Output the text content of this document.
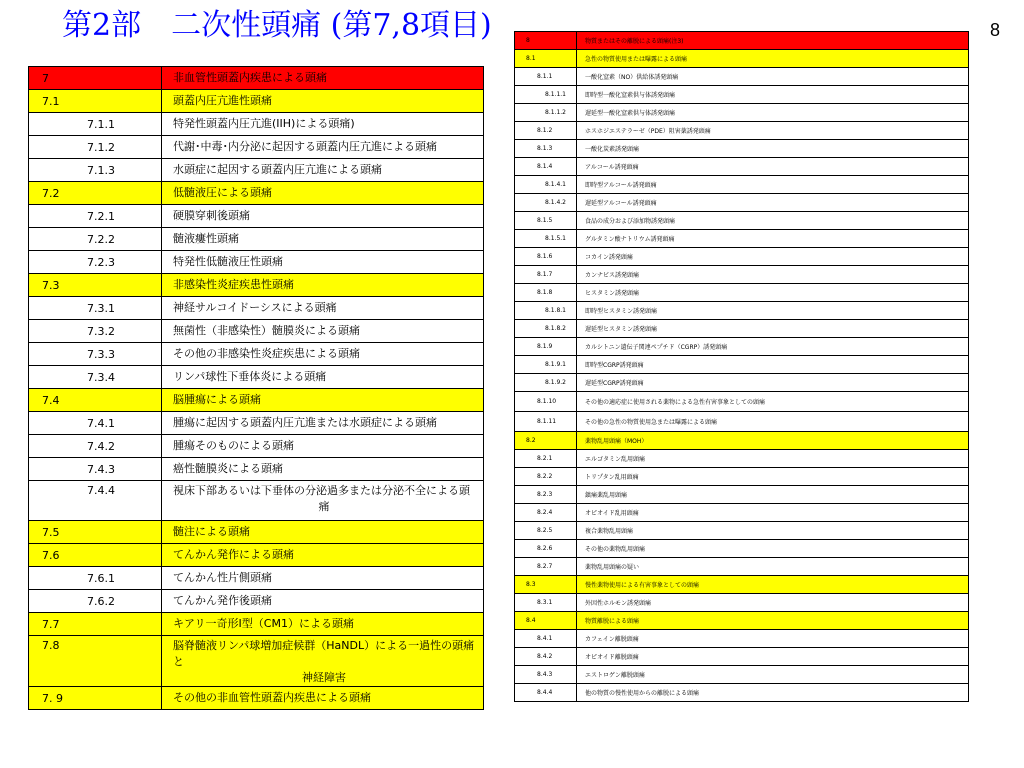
第2部　二次性頭痛 (第7,8項目)	8
7	非血管性頭蓋内疾患による頭痛
7.1	頭蓋内圧亢進性頭痛
7.1.1	特発性頭蓋内圧亢進(IIH)による頭痛)
7.1.2	代謝･中毒･内分泌に起因する頭蓋内圧亢進による頭痛
7.1.3	水頭症に起因する頭蓋内圧亢進による頭痛
7.2	低髄液圧による頭痛
7.2.1	硬膜穿刺後頭痛
7.2.2	髄液瘻性頭痛
7.2.3	特発性低髄液圧性頭痛
7.3	非感染性炎症疾患性頭痛
7.3.1	神経サルコイドーシスによる頭痛
7.3.2	無菌性（非感染性）髄膜炎による頭痛
7.3.3	その他の非感染性炎症疾患による頭痛
7.3.4	リンパ球性下垂体炎による頭痛
7.4	脳腫瘍による頭痛
7.4.1	腫瘍に起因する頭蓋内圧亢進または水頭症による頭痛
7.4.2	腫瘍そのものによる頭痛
7.4.3	癌性髄膜炎による頭痛
7.4.4	視床下部あるいは下垂体の分泌過多または分泌不全による頭
痛

7.5	髄注による頭痛
7.6	てんかん発作による頭痛
7.6.1	てんかん性片側頭痛
7.6.2	てんかん発作後頭痛
7.7	キアリ一奇形I型（CM1）による頭痛
7.8	脳脊髄液リンパ球増加症候群（HaNDL）による一過性の頭痛と
神経障害

7. 9	その他の非血管性頭蓋内疾患による頭痛
8	物質またはその離脱による頭痛(注3)
8.1	急性の物質使用または曝露による頭痛
8.1.1	一酸化窒素（NO）供給体誘発頭痛
8.1.1.1	即時型一酸化窒素供与体誘発頭痛
8.1.1.2	遅延型一酸化窒素供与体誘発頭痛
8.1.2	ホスホジエステラーゼ（PDE）阻害薬誘発頭痛
8.1.3	一酸化炭素誘発頭痛
8.1.4	アルコール誘発頭痛
8.1.4.1	即時型アルコール誘発頭痛
8.1.4.2	遅延型アルコール誘発頭痛
8.1.5	食品の成分および添加物誘発頭痛
8.1.5.1	グルタミン酸ナトリウム誘発頭痛
8.1.6	コカイン誘発頭痛
8.1.7	カンナビス誘発頭痛
8.1.8	ヒスタミン誘発頭痛
8.1.8.1	即時型ヒスタミン誘発頭痛
8.1.8.2	遅延型ヒスタミン誘発頭痛
8.1.9	カルシトニン遺伝子関連ペプチド（CGRP）誘発頭痛
8.1.9.1	即時型CGRP誘発頭痛
8.1.9.2	遅延型CGRP誘発頭痛
8.1.10	その他の適応症に使用される薬物による急性有害事象としての頭痛
8.1.11	その他の急性の物質使用急または曝露による頭痛
8.2	薬物乱用頭痛（MOH）
8.2.1	エルゴタミン乱用頭痛
8.2.2	トリプタン乱用頭痛
8.2.3	鎮痛薬乱用頭痛
8.2.4	オピオイド乱用頭痛
8.2.5	複合薬物乱用頭痛
8.2.6	その他の薬物乱用頭痛
8.2.7	薬物乱用頭痛の疑い
8.3	慢性薬物使用による有害事象としての頭痛
8.3.1	外因性ホルモン誘発頭痛
8.4	物質離脱による頭痛
8.4.1	カフェイン離脱頭痛
8.4.2	オピオイド離脱頭痛
8.4.3	エストロゲン離脱頭痛
8.4.4	他の物質の慢性使用からの離脱による頭痛
